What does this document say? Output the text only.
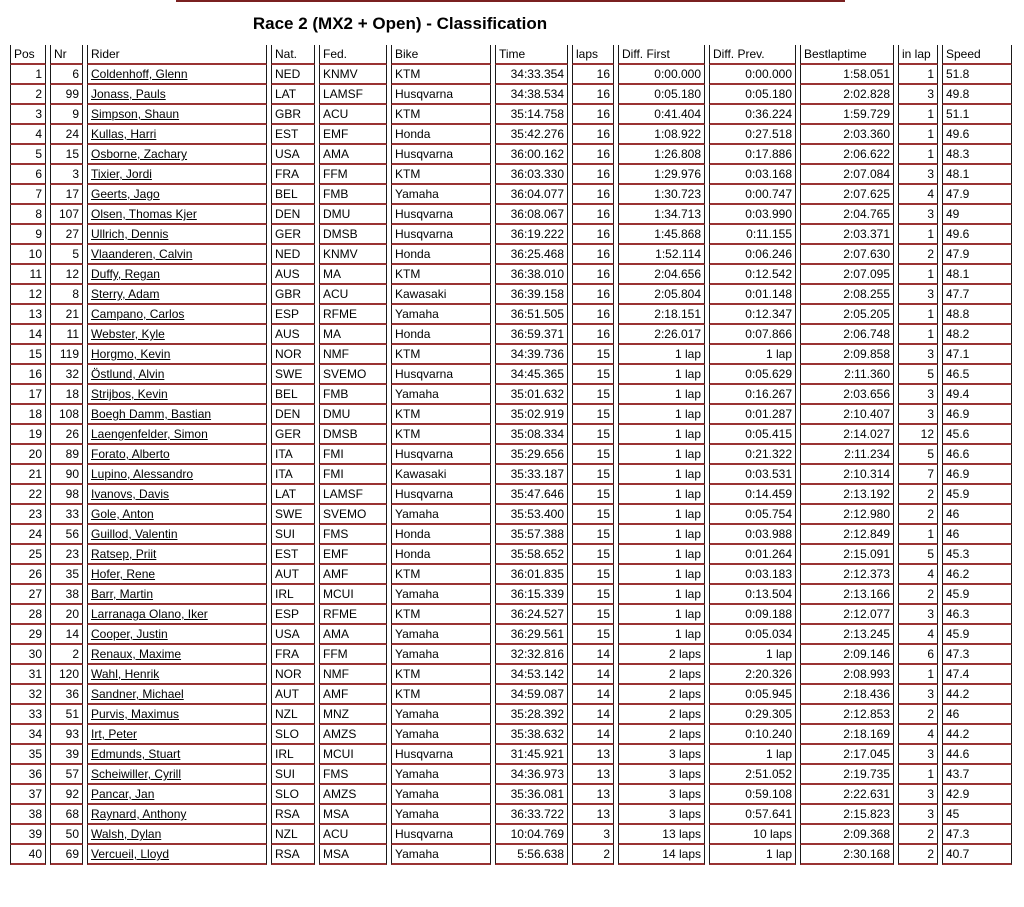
Race 2 (MX2 + Open) - Classification
Pos	Nr	Rider	Nat.	Fed.	Bike	Time	laps	Diff. First	Diff. Prev.	Bestlaptime	in lap	Speed
1	6	Coldenhoff, Glenn	NED	KNMV	KTM	34:33.354	16	0:00.000	0:00.000	1:58.051	1	51.8
2	99	Jonass, Pauls	LAT	LAMSF	Husqvarna	34:38.534	16	0:05.180	0:05.180	2:02.828	3	49.8
3	9	Simpson, Shaun	GBR	ACU	KTM	35:14.758	16	0:41.404	0:36.224	1:59.729	1	51.1
4	24	Kullas, Harri	EST	EMF	Honda	35:42.276	16	1:08.922	0:27.518	2:03.360	1	49.6
5	15	Osborne, Zachary	USA	AMA	Husqvarna	36:00.162	16	1:26.808	0:17.886	2:06.622	1	48.3
6	3	Tixier, Jordi	FRA	FFM	KTM	36:03.330	16	1:29.976	0:03.168	2:07.084	3	48.1
7	17	Geerts, Jago	BEL	FMB	Yamaha	36:04.077	16	1:30.723	0:00.747	2:07.625	4	47.9
8	107	Olsen, Thomas Kjer	DEN	DMU	Husqvarna	36:08.067	16	1:34.713	0:03.990	2:04.765	3	49
9	27	Ullrich, Dennis	GER	DMSB	Husqvarna	36:19.222	16	1:45.868	0:11.155	2:03.371	1	49.6
10	5	Vlaanderen, Calvin	NED	KNMV	Honda	36:25.468	16	1:52.114	0:06.246	2:07.630	2	47.9
11	12	Duffy, Regan	AUS	MA	KTM	36:38.010	16	2:04.656	0:12.542	2:07.095	1	48.1
12	8	Sterry, Adam	GBR	ACU	Kawasaki	36:39.158	16	2:05.804	0:01.148	2:08.255	3	47.7
13	21	Campano, Carlos	ESP	RFME	Yamaha	36:51.505	16	2:18.151	0:12.347	2:05.205	1	48.8
14	11	Webster, Kyle	AUS	MA	Honda	36:59.371	16	2:26.017	0:07.866	2:06.748	1	48.2
15	119	Horgmo, Kevin	NOR	NMF	KTM	34:39.736	15	1 lap	1 lap	2:09.858	3	47.1
16	32	Östlund, Alvin	SWE	SVEMO	Husqvarna	34:45.365	15	1 lap	0:05.629	2:11.360	5	46.5
17	18	Strijbos, Kevin	BEL	FMB	Yamaha	35:01.632	15	1 lap	0:16.267	2:03.656	3	49.4
18	108	Boegh Damm, Bastian	DEN	DMU	KTM	35:02.919	15	1 lap	0:01.287	2:10.407	3	46.9
19	26	Laengenfelder, Simon	GER	DMSB	KTM	35:08.334	15	1 lap	0:05.415	2:14.027	12	45.6
20	89	Forato, Alberto	ITA	FMI	Husqvarna	35:29.656	15	1 lap	0:21.322	2:11.234	5	46.6
21	90	Lupino, Alessandro	ITA	FMI	Kawasaki	35:33.187	15	1 lap	0:03.531	2:10.314	7	46.9
22	98	Ivanovs, Davis	LAT	LAMSF	Husqvarna	35:47.646	15	1 lap	0:14.459	2:13.192	2	45.9
23	33	Gole, Anton	SWE	SVEMO	Yamaha	35:53.400	15	1 lap	0:05.754	2:12.980	2	46
24	56	Guillod, Valentin	SUI	FMS	Honda	35:57.388	15	1 lap	0:03.988	2:12.849	1	46
25	23	Ratsep, Priit	EST	EMF	Honda	35:58.652	15	1 lap	0:01.264	2:15.091	5	45.3
26	35	Hofer, Rene	AUT	AMF	KTM	36:01.835	15	1 lap	0:03.183	2:12.373	4	46.2
27	38	Barr, Martin	IRL	MCUI	Yamaha	36:15.339	15	1 lap	0:13.504	2:13.166	2	45.9
28	20	Larranaga Olano, Iker	ESP	RFME	KTM	36:24.527	15	1 lap	0:09.188	2:12.077	3	46.3
29	14	Cooper, Justin	USA	AMA	Yamaha	36:29.561	15	1 lap	0:05.034	2:13.245	4	45.9
30	2	Renaux, Maxime	FRA	FFM	Yamaha	32:32.816	14	2 laps	1 lap	2:09.146	6	47.3
31	120	Wahl, Henrik	NOR	NMF	KTM	34:53.142	14	2 laps	2:20.326	2:08.993	1	47.4
32	36	Sandner, Michael	AUT	AMF	KTM	34:59.087	14	2 laps	0:05.945	2:18.436	3	44.2
33	51	Purvis, Maximus	NZL	MNZ	Yamaha	35:28.392	14	2 laps	0:29.305	2:12.853	2	46
34	93	Irt, Peter	SLO	AMZS	Yamaha	35:38.632	14	2 laps	0:10.240	2:18.169	4	44.2
35	39	Edmunds, Stuart	IRL	MCUI	Husqvarna	31:45.921	13	3 laps	1 lap	2:17.045	3	44.6
36	57	Scheiwiller, Cyrill	SUI	FMS	Yamaha	34:36.973	13	3 laps	2:51.052	2:19.735	1	43.7
37	92	Pancar, Jan	SLO	AMZS	Yamaha	35:36.081	13	3 laps	0:59.108	2:22.631	3	42.9
38	68	Raynard, Anthony	RSA	MSA	Yamaha	36:33.722	13	3 laps	0:57.641	2:15.823	3	45
39	50	Walsh, Dylan	NZL	ACU	Husqvarna	10:04.769	3	13 laps	10 laps	2:09.368	2	47.3
40	69	Vercueil, Lloyd	RSA	MSA	Yamaha	5:56.638	2	14 laps	1 lap	2:30.168	2	40.7
